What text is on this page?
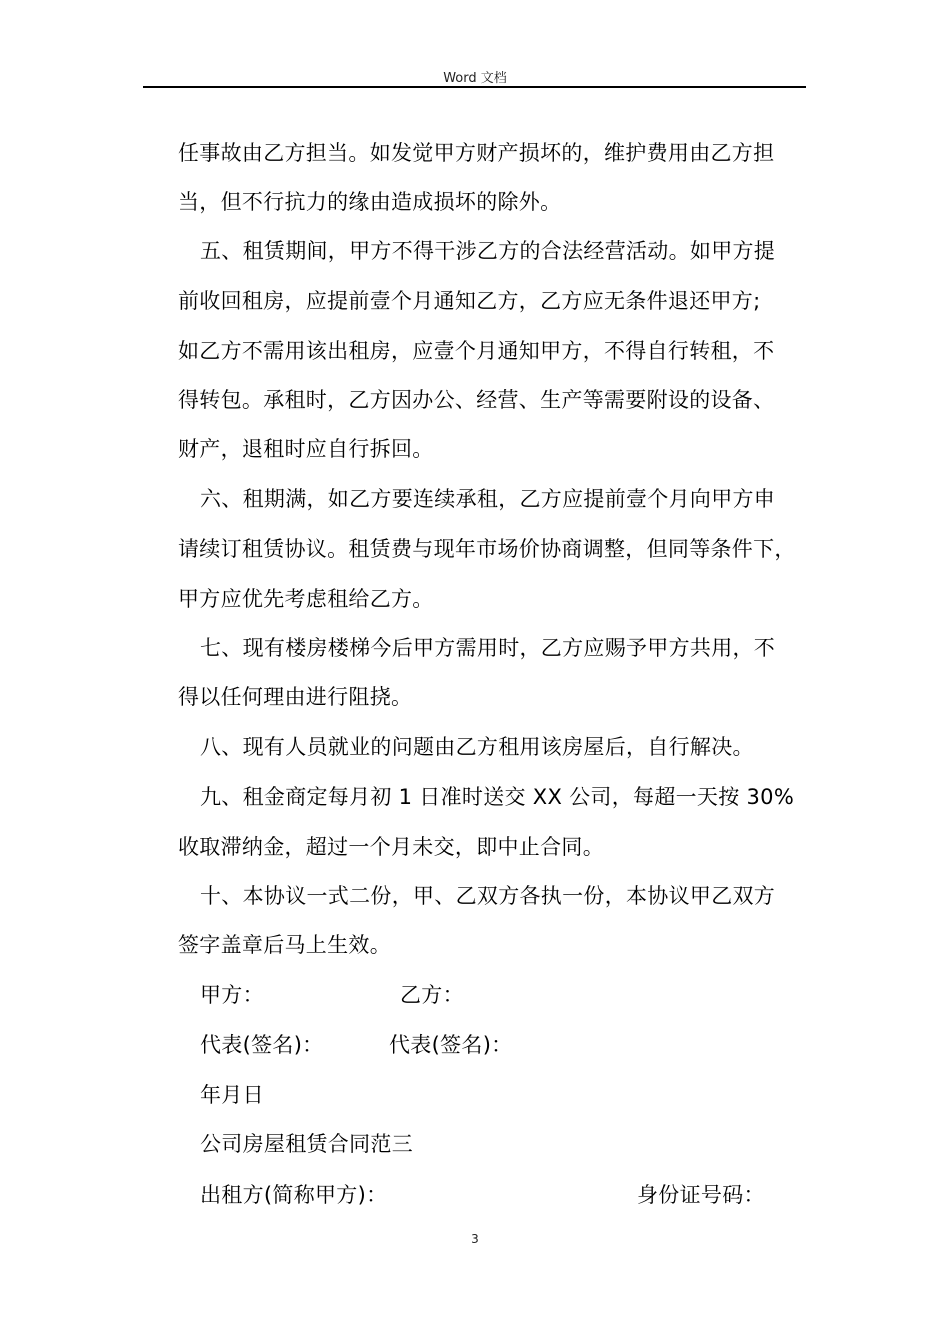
Word 文档
任事故由乙方担当。如发觉甲方财产损坏的，维护费用由乙方担
当，但不行抗力的缘由造成损坏的除外。
五、租赁期间，甲方不得干涉乙方的合法经营活动。如甲方提
前收回租房，应提前壹个月通知乙方，乙方应无条件退还甲方;
如乙方不需用该出租房，应壹个月通知甲方，不得自行转租，不
得转包。承租时，乙方因办公、经营、生产等需要附设的设备、
财产，退租时应自行拆回。
六、租期满，如乙方要连续承租，乙方应提前壹个月向甲方申
请续订租赁协议。租赁费与现年市场价协商调整，但同等条件下，
甲方应优先考虑租给乙方。
七、现有楼房楼梯今后甲方需用时，乙方应赐予甲方共用，不
得以任何理由进行阻挠。
八、现有人员就业的问题由乙方租用该房屋后，自行解决。
九、租金商定每月初 1 日准时送交 XX 公司，每超一天按 30%
收取滞纳金，超过一个月未交，即中止合同。
十、本协议一式二份，甲、乙双方各执一份，本协议甲乙双方
签字盖章后马上生效。
甲方：	乙方：
代表(签名)：	代表(签名)：
年月日
公司房屋租赁合同范三
出租方(简称甲方)：	身份证号码：
3
